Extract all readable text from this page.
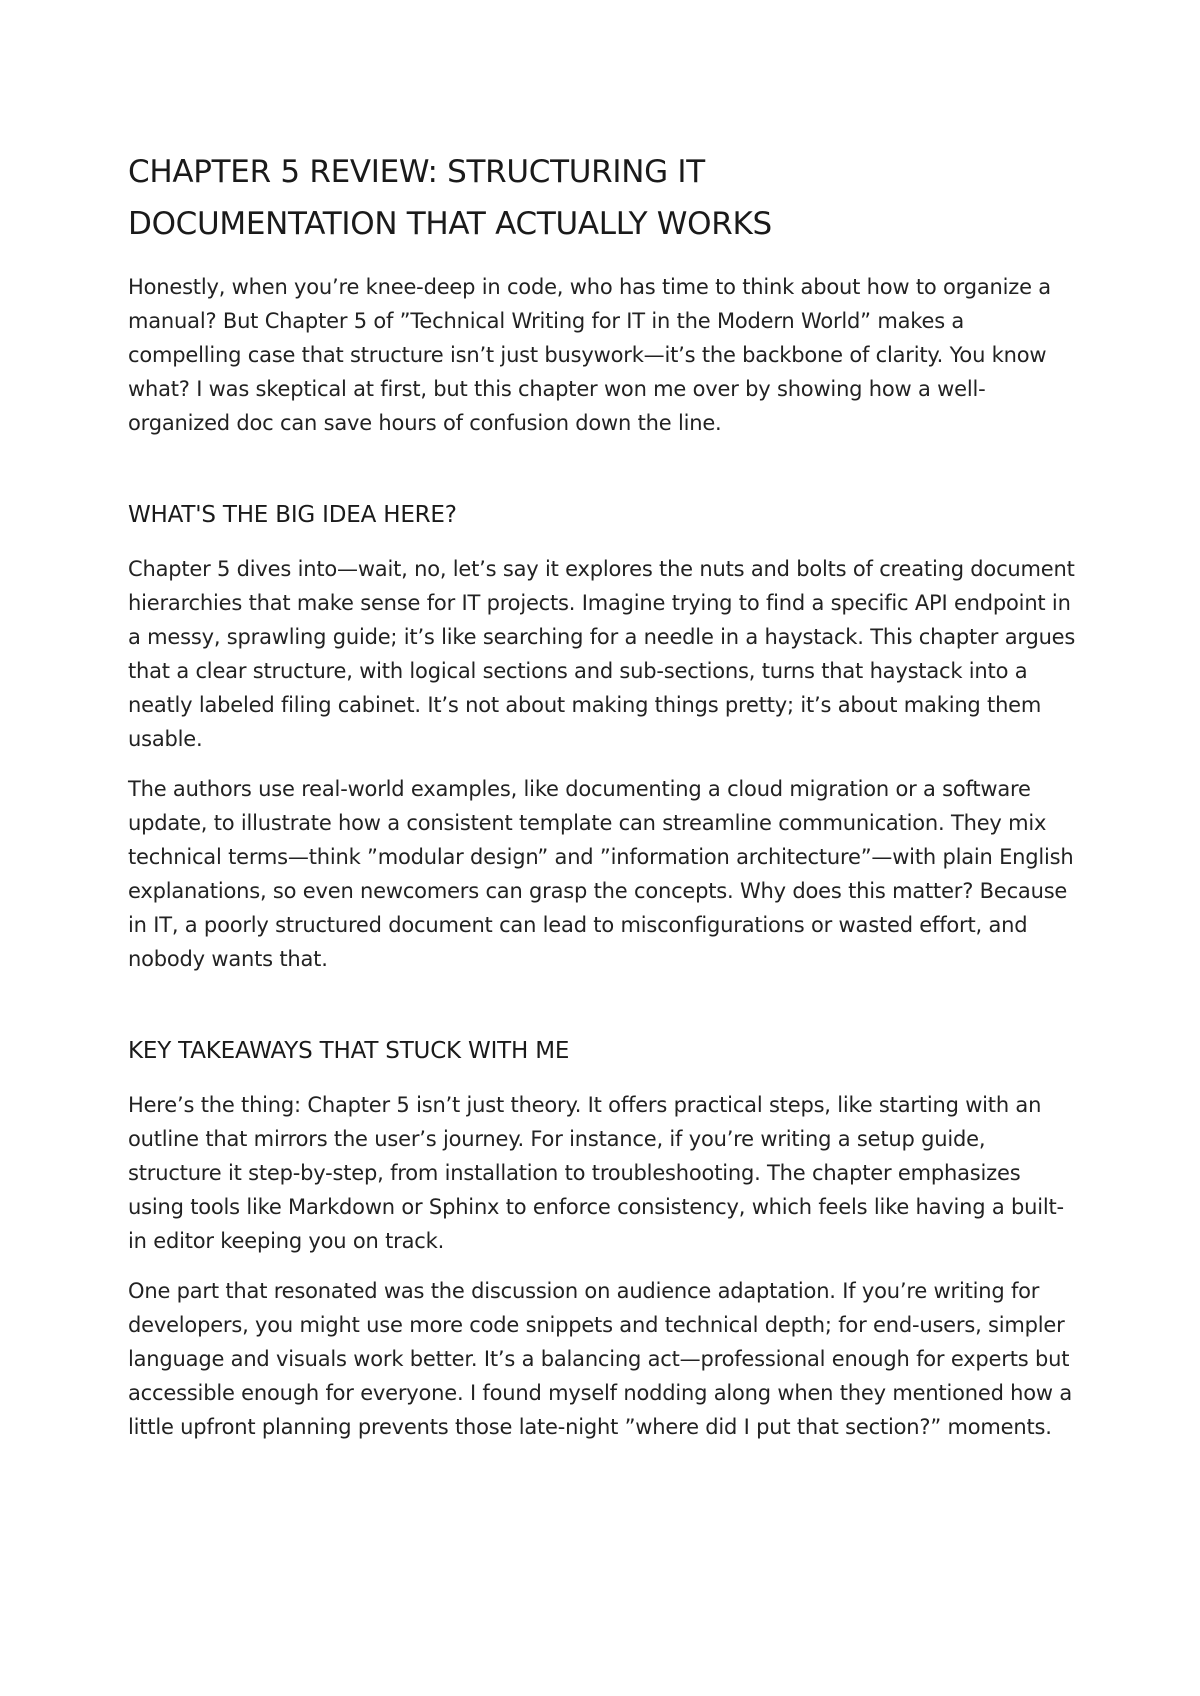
CHAPTER 5 REVIEW: STRUCTURING IT DOCUMENTATION THAT ACTUALLY WORKS

Honestly, when you’re knee-deep in code, who has time to think about how to organize a manual? But Chapter 5 of ”Technical Writing for IT in the Modern World” makes a compelling case that structure isn’t just busywork—it’s the backbone of clarity. You know what? I was skeptical at first, but this chapter won me over by showing how a well-organized doc can save hours of confusion down the line.

WHAT'S THE BIG IDEA HERE?

Chapter 5 dives into—wait, no, let’s say it explores the nuts and bolts of creating document hierarchies that make sense for IT projects. Imagine trying to find a specific API endpoint in a messy, sprawling guide; it’s like searching for a needle in a haystack. This chapter argues that a clear structure, with logical sections and sub-sections, turns that haystack into a neatly labeled filing cabinet. It’s not about making things pretty; it’s about making them usable.

The authors use real-world examples, like documenting a cloud migration or a software update, to illustrate how a consistent template can streamline communication. They mix technical terms—think ”modular design” and ”information architecture”—with plain English explanations, so even newcomers can grasp the concepts. Why does this matter? Because in IT, a poorly structured document can lead to misconfigurations or wasted effort, and nobody wants that.

KEY TAKEAWAYS THAT STUCK WITH ME

Here’s the thing: Chapter 5 isn’t just theory. It offers practical steps, like starting with an outline that mirrors the user’s journey. For instance, if you’re writing a setup guide, structure it step-by-step, from installation to troubleshooting. The chapter emphasizes using tools like Markdown or Sphinx to enforce consistency, which feels like having a built-in editor keeping you on track.

One part that resonated was the discussion on audience adaptation. If you’re writing for developers, you might use more code snippets and technical depth; for end-users, simpler language and visuals work better. It’s a balancing act—professional enough for experts but accessible enough for everyone. I found myself nodding along when they mentioned how a little upfront planning prevents those late-night ”where did I put that section?” moments.
